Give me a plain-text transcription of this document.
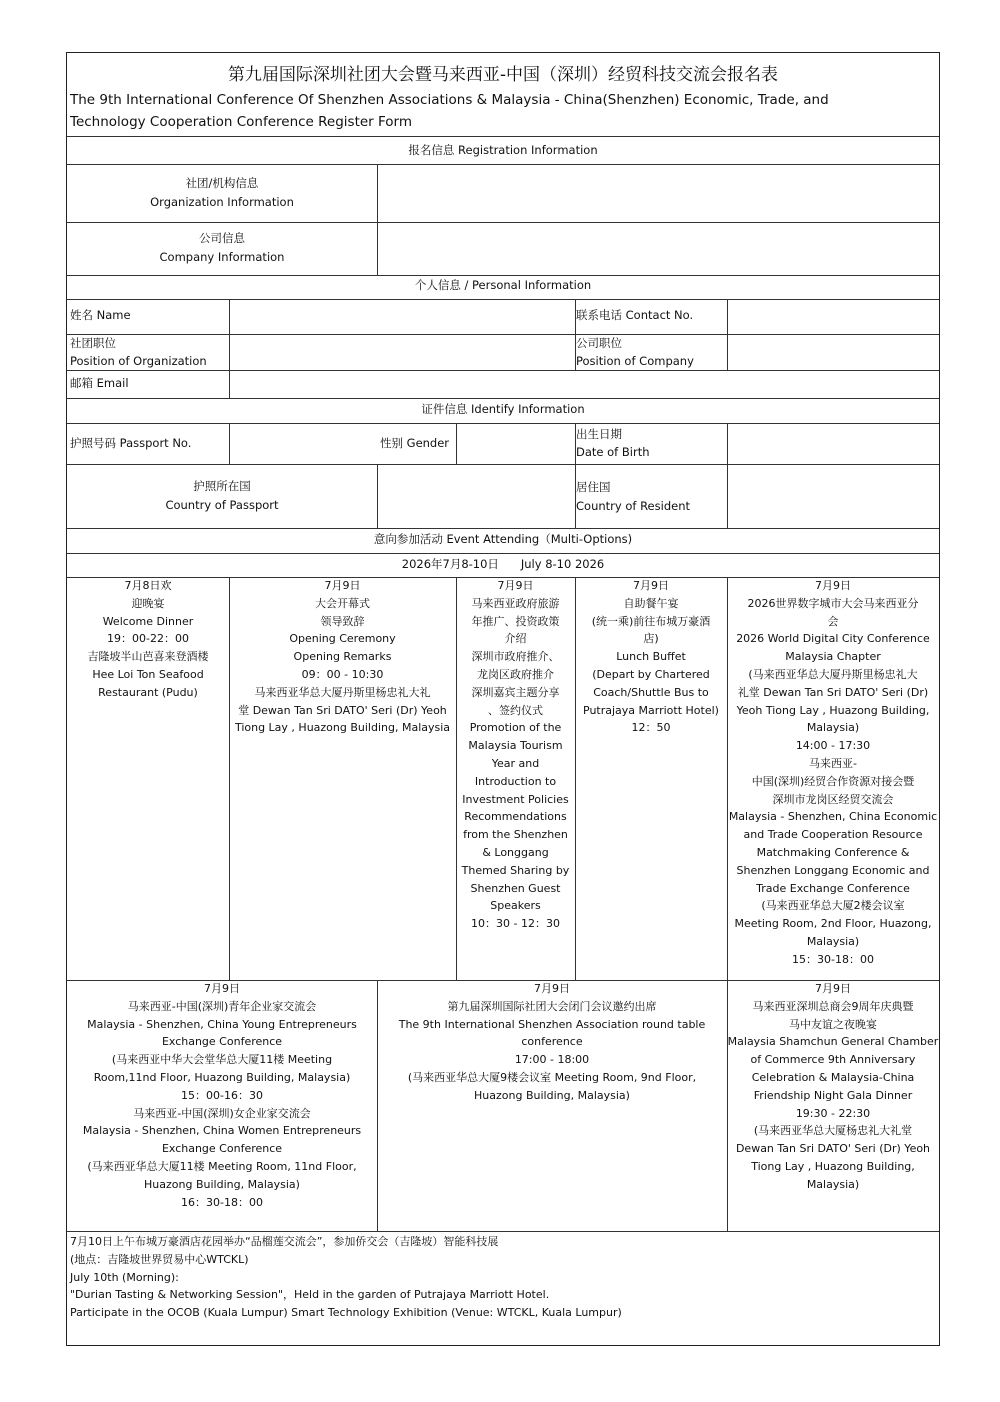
第九届国际深圳社团大会暨马来西亚-中国（深圳）经贸科技交流会报名表
The 9th International Conference Of Shenzhen Associations & Malaysia - China(Shenzhen) Economic, Trade, and
Technology Cooperation Conference Register Form
报名信息 Registration Information
社团/机构信息
Organization Information
公司信息
Company Information
个人信息 / Personal Information
姓名 Name	联系电话 Contact No.
社团职位
Position of Organization
公司职位
Position of Company
邮箱 Email
证件信息 Identify Information
护照号码 Passport No.	性别 Gender
出生日期
Date of Birth
护照所在国
Country of Passport
居住国
Country of Resident
意向参加活动 Event Attending（Multi-Options)
2026年7月8-10日      July 8-10 2026
7月8日欢
迎晚宴
Welcome Dinner
19：00-22：00
吉隆坡半山芭喜来登酒楼
Hee Loi Ton Seafood
Restaurant (Pudu)
7月9日
大会开幕式
领导致辞
Opening Ceremony
Opening Remarks
09：00 - 10:30
马来西亚华总大厦丹斯里杨忠礼大礼
堂 Dewan Tan Sri DATO' Seri (Dr) Yeoh
Tiong Lay , Huazong Building, Malaysia
7月9日
马来西亚政府旅游
年推广、投资政策
介绍
深圳市政府推介、
龙岗区政府推介
深圳嘉宾主题分享
、签约仪式
Promotion of the
Malaysia Tourism
Year and
Introduction to
Investment Policies
Recommendations
from the Shenzhen
& Longgang
Themed Sharing by
Shenzhen Guest
Speakers
10：30 - 12：30
7月9日
自助餐午宴
(统一乘)前往布城万豪酒
店)
Lunch Buffet
(Depart by Chartered
Coach/Shuttle Bus to
Putrajaya Marriott Hotel)
12：50
7月9日
2026世界数字城市大会马来西亚分
会
2026 World Digital City Conference
Malaysia Chapter
(马来西亚华总大厦丹斯里杨忠礼大
礼堂 Dewan Tan Sri DATO' Seri (Dr)
Yeoh Tiong Lay , Huazong Building,
Malaysia)
14:00 - 17:30
马来西亚-
中国(深圳)经贸合作资源对接会暨
深圳市龙岗区经贸交流会
Malaysia - Shenzhen, China Economic
and Trade Cooperation Resource
Matchmaking Conference &
Shenzhen Longgang Economic and
Trade Exchange Conference
(马来西亚华总大厦2楼会议室
Meeting Room, 2nd Floor, Huazong,
Malaysia)
15：30-18：00
7月9日
马来西亚-中国(深圳)青年企业家交流会
Malaysia - Shenzhen, China Young Entrepreneurs
Exchange Conference
(马来西亚中华大会堂华总大厦11楼 Meeting
Room,11nd Floor, Huazong Building, Malaysia)
15：00-16：30
马来西亚-中国(深圳)女企业家交流会
Malaysia - Shenzhen, China Women Entrepreneurs
Exchange Conference
(马来西亚华总大厦11楼 Meeting Room, 11nd Floor,
Huazong Building, Malaysia)
16：30-18：00
7月9日
第九届深圳国际社团大会闭门会议邀约出席
The 9th International Shenzhen Association round table
conference
17:00 - 18:00
(马来西亚华总大厦9楼会议室 Meeting Room, 9nd Floor,
Huazong Building, Malaysia)
7月9日
马来西亚深圳总商会9周年庆典暨
马中友谊之夜晚宴
Malaysia Shamchun General Chamber
of Commerce 9th Anniversary
Celebration & Malaysia-China
Friendship Night Gala Dinner
19:30 - 22:30
(马来西亚华总大厦杨忠礼大礼堂
Dewan Tan Sri DATO' Seri (Dr) Yeoh
Tiong Lay , Huazong Building,
Malaysia)
7月10日上午布城万豪酒店花园举办“品榴莲交流会”，参加侨交会（吉隆坡）智能科技展
(地点：吉隆坡世界贸易中心WTCKL)
July 10th (Morning):
"Durian Tasting & Networking Session"，Held in the garden of Putrajaya Marriott Hotel.
Participate in the OCOB (Kuala Lumpur) Smart Technology Exhibition (Venue: WTCKL, Kuala Lumpur)
